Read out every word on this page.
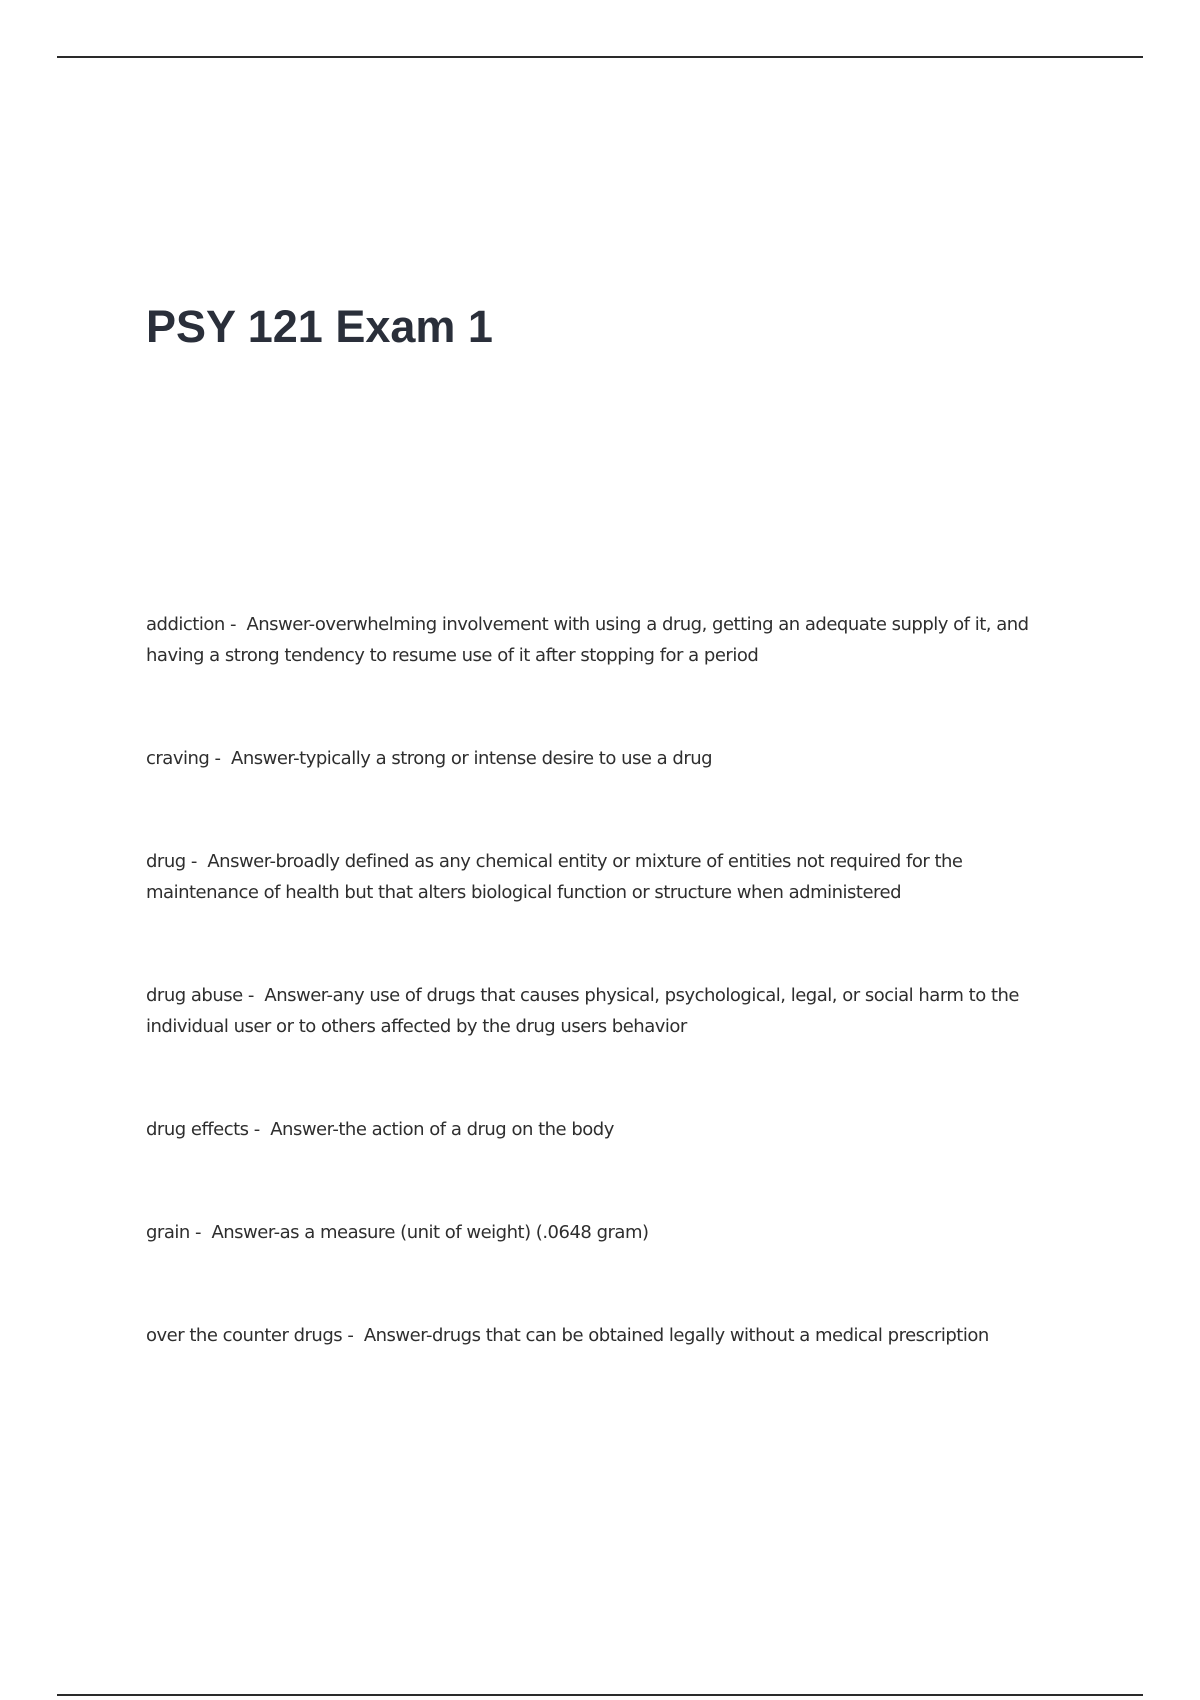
PSY 121 Exam 1
addiction -  Answer-overwhelming involvement with using a drug, getting an adequate supply of it, and having a strong tendency to resume use of it after stopping for a period
craving -  Answer-typically a strong or intense desire to use a drug
drug -  Answer-broadly defined as any chemical entity or mixture of entities not required for the maintenance of health but that alters biological function or structure when administered
drug abuse -  Answer-any use of drugs that causes physical, psychological, legal, or social harm to the individual user or to others affected by the drug users behavior
drug effects -  Answer-the action of a drug on the body
grain -  Answer-as a measure (unit of weight) (.0648 gram)
over the counter drugs -  Answer-drugs that can be obtained legally without a medical prescription
